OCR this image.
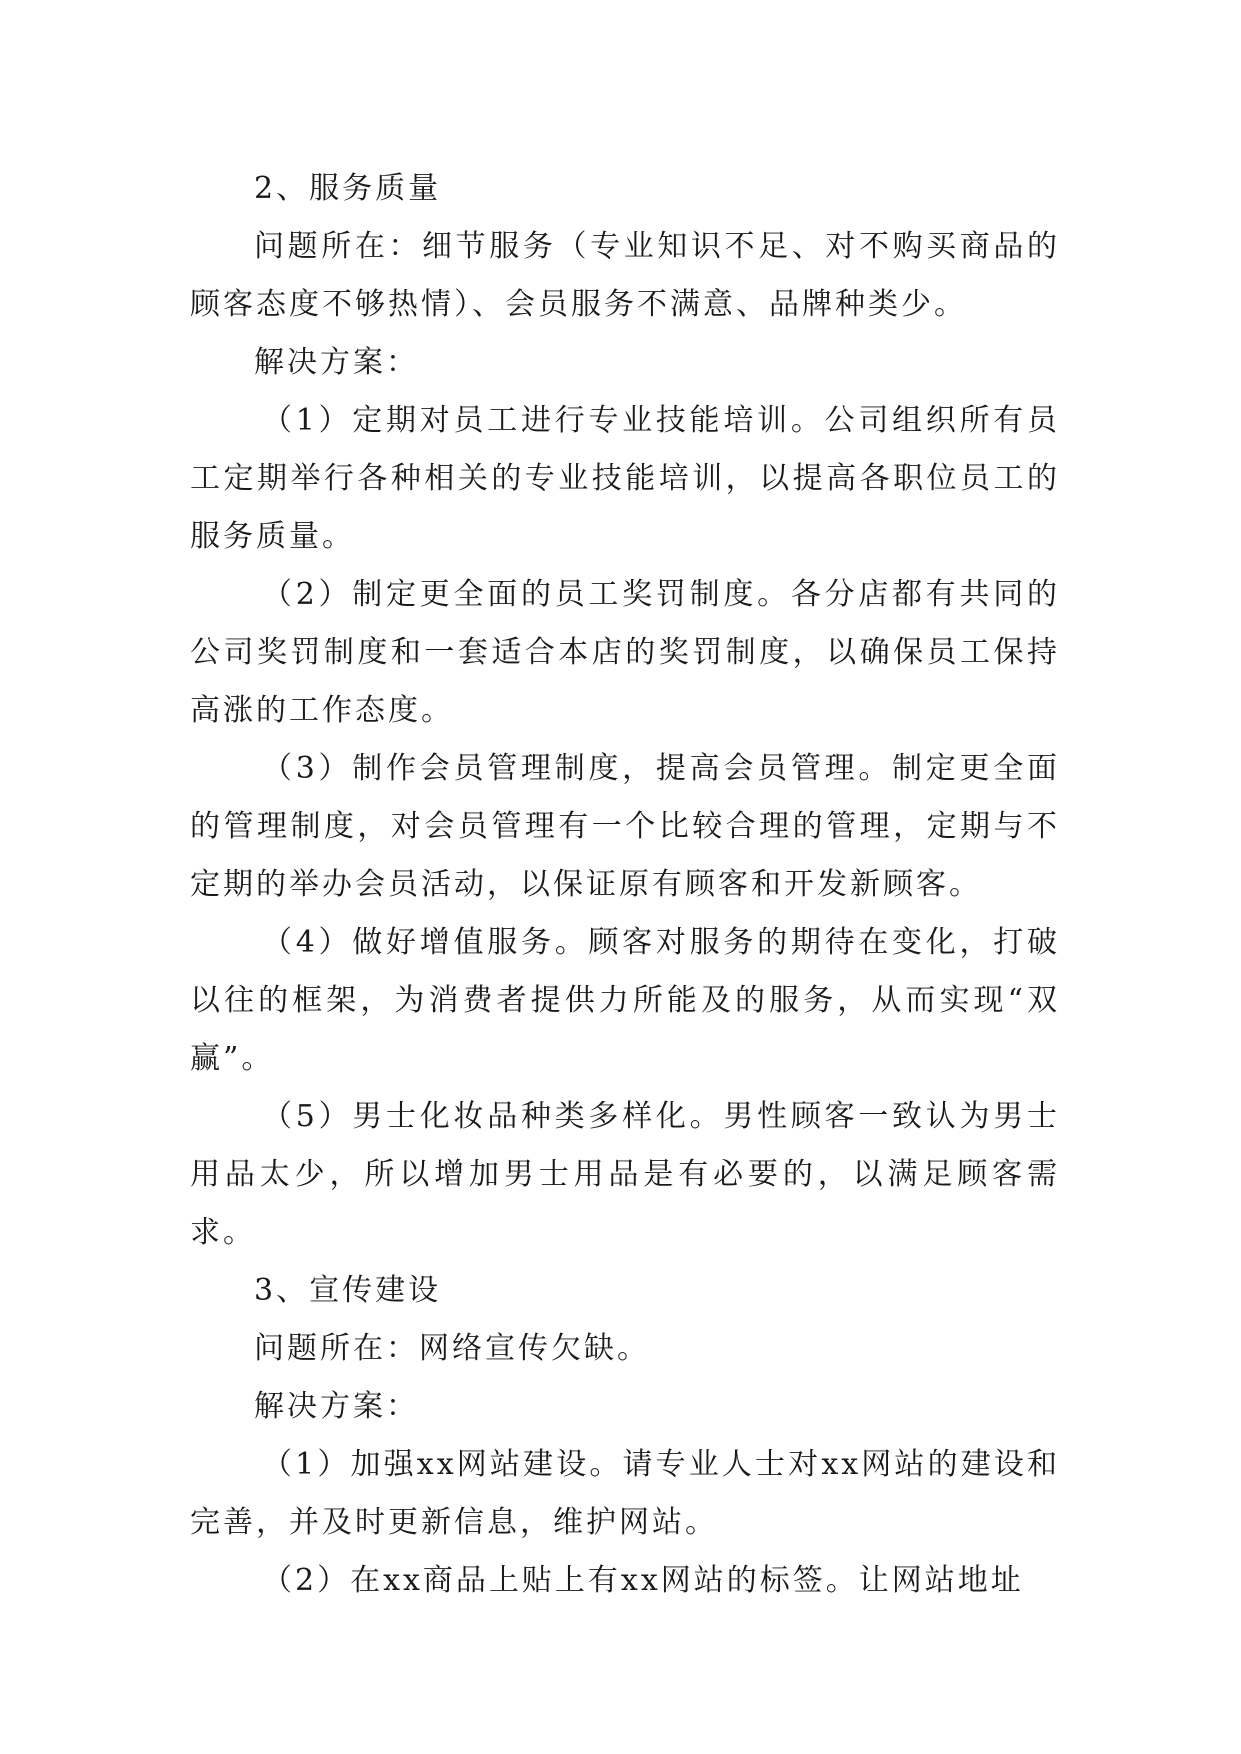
2、服务质量

问题所在：细节服务（专业知识不足、对不购买商品的顾客态度不够热情）、会员服务不满意、品牌种类少。

解决方案：

（1）定期对员工进行专业技能培训。公司组织所有员工定期举行各种相关的专业技能培训，以提高各职位员工的服务质量。

（2）制定更全面的员工奖罚制度。各分店都有共同的公司奖罚制度和一套适合本店的奖罚制度，以确保员工保持高涨的工作态度。

（3）制作会员管理制度，提高会员管理。制定更全面的管理制度，对会员管理有一个比较合理的管理，定期与不定期的举办会员活动，以保证原有顾客和开发新顾客。

（4）做好增值服务。顾客对服务的期待在变化，打破以往的框架，为消费者提供力所能及的服务，从而实现“双赢”。

（5）男士化妆品种类多样化。男性顾客一致认为男士用品太少，所以增加男士用品是有必要的，以满足顾客需求。

3、宣传建设

问题所在：网络宣传欠缺。

解决方案：

（1）加强xx网站建设。请专业人士对xx网站的建设和完善，并及时更新信息，维护网站。

（2）在xx商品上贴上有xx网站的标签。让网站地址
